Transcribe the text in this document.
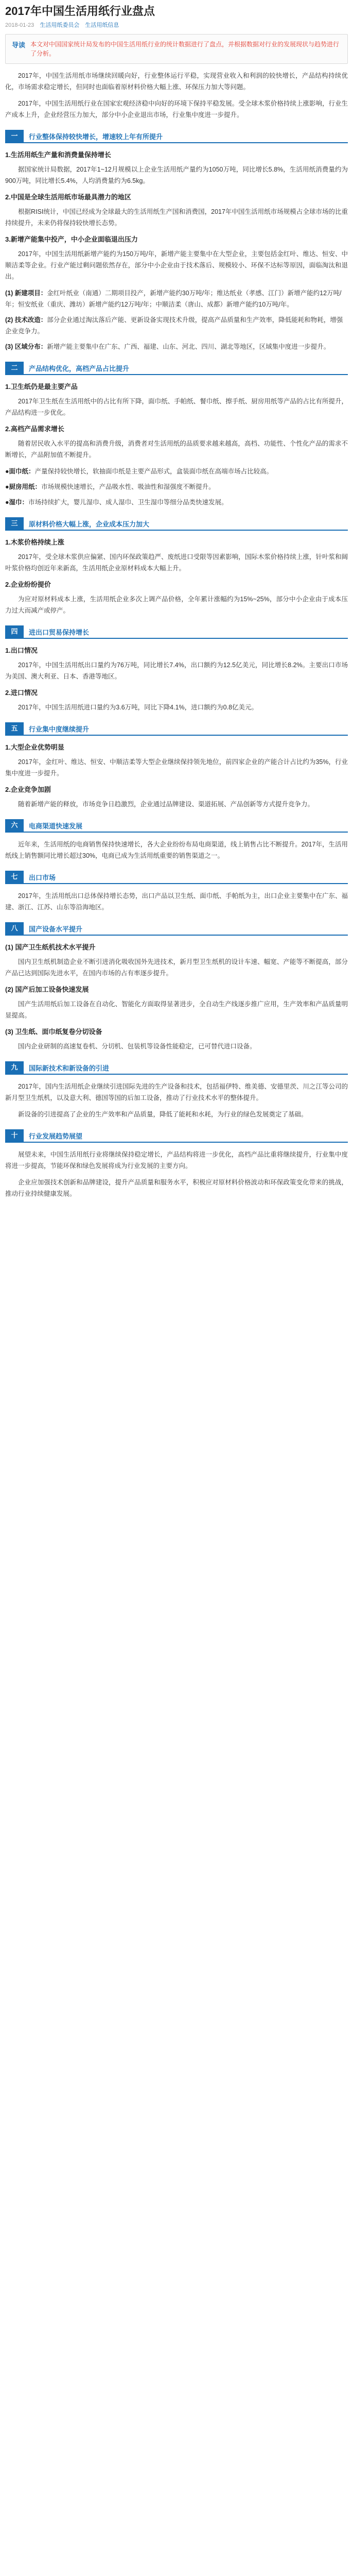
2017年中国生活用纸行业盘点
2018-01-23 生活用纸委员会 生活用纸信息
导读 本文对中国国家统计局发布的中国生活用纸行业的统计数据进行了盘点，并根据数据对行业的发展现状与趋势进行了分析。

2017年，中国生活用纸市场继续回暖向好，行业整体运行平稳，实现营业收入和利润的较快增长，产品结构持续优化，市场需求稳定增长，但同时也面临着原材料价格大幅上涨、环保压力加大等问题。

2017年，中国生活用纸行业在国家宏观经济稳中向好的环境下保持平稳发展。受全球木浆价格持续上涨影响，行业生产成本上升，企业经营压力加大，部分中小企业退出市场，行业集中度进一步提升。

一	行业整体保持较快增长，增速较上年有所提升
1.生活用纸生产量和消费量保持增长

据国家统计局数据，2017年1~12月规模以上企业生活用纸产量约为1050万吨，同比增长5.8%，生活用纸消费量约为900万吨，同比增长5.4%，人均消费量约为6.5kg。

2.中国是全球生活用纸市场最具潜力的地区

根据RISI统计，中国已经成为全球最大的生活用纸生产国和消费国，2017年中国生活用纸市场规模占全球市场的比重持续提升，未来仍将保持较快增长态势。

3.新增产能集中投产，中小企业面临退出压力

2017年，中国生活用纸新增产能约为150万吨/年，新增产能主要集中在大型企业，主要包括金红叶、维达、恒安、中顺洁柔等企业。行业产能过剩问题依然存在，部分中小企业由于技术落后、规模较小、环保不达标等原因，面临淘汰和退出。

(1) 新建项目：金红叶纸业（南通）二期项目投产，新增产能约30万吨/年；维达纸业（孝感、江门）新增产能约12万吨/年；恒安纸业（重庆、潍坊）新增产能约12万吨/年；中顺洁柔（唐山、成都）新增产能约10万吨/年。
(2) 技术改造：部分企业通过淘汰落后产能、更新设备实现技术升级，提高产品质量和生产效率，降低能耗和物耗，增强企业竞争力。
(3) 区域分布：新增产能主要集中在广东、广西、福建、山东、河北、四川、湖北等地区，区域集中度进一步提升。
二	产品结构优化，高档产品占比提升
1.卫生纸仍是最主要产品

2017年卫生纸在生活用纸中的占比有所下降，面巾纸、手帕纸、餐巾纸、擦手纸、厨房用纸等产品的占比有所提升，产品结构进一步优化。

2.高档产品需求增长

随着居民收入水平的提高和消费升级，消费者对生活用纸的品质要求越来越高，高档、功能性、个性化产品的需求不断增长，产品附加值不断提升。

●面巾纸：产量保持较快增长，软抽面巾纸是主要产品形式，盒装面巾纸在高端市场占比较高。
●厨房用纸：市场规模快速增长，产品吸水性、吸油性和湿强度不断提升。
●湿巾：市场持续扩大，婴儿湿巾、成人湿巾、卫生湿巾等细分品类快速发展。
三	原材料价格大幅上涨，企业成本压力加大
1.木浆价格持续上涨

2017年，受全球木浆供应偏紧、国内环保政策趋严、废纸进口受限等因素影响，国际木浆价格持续上涨，针叶浆和阔叶浆价格均创近年来新高，生活用纸企业原材料成本大幅上升。

2.企业纷纷提价

为应对原材料成本上涨，生活用纸企业多次上调产品价格，全年累计涨幅约为15%~25%，部分中小企业由于成本压力过大而减产或停产。

四	进出口贸易保持增长
1.出口情况

2017年，中国生活用纸出口量约为76万吨，同比增长7.4%，出口额约为12.5亿美元，同比增长8.2%。主要出口市场为美国、澳大利亚、日本、香港等地区。

2.进口情况

2017年，中国生活用纸进口量约为3.6万吨，同比下降4.1%，进口额约为0.8亿美元。

五	行业集中度继续提升
1.大型企业优势明显

2017年，金红叶、维达、恒安、中顺洁柔等大型企业继续保持领先地位，前四家企业的产能合计占比约为35%，行业集中度进一步提升。

2.企业竞争加剧

随着新增产能的释放，市场竞争日趋激烈，企业通过品牌建设、渠道拓展、产品创新等方式提升竞争力。

六	电商渠道快速发展

近年来，生活用纸的电商销售保持快速增长，各大企业纷纷布局电商渠道，线上销售占比不断提升。2017年，生活用纸线上销售额同比增长超过30%，电商已成为生活用纸重要的销售渠道之一。

七	出口市场

2017年，生活用纸出口总体保持增长态势，出口产品以卫生纸、面巾纸、手帕纸为主，出口企业主要集中在广东、福建、浙江、江苏、山东等沿海地区。

八	国产设备水平提升
(1) 国产卫生纸机技术水平提升

国内卫生纸机制造企业不断引进消化吸收国外先进技术，新月型卫生纸机的设计车速、幅宽、产能等不断提高，部分产品已达到国际先进水平，在国内市场的占有率逐步提升。

(2) 国产后加工设备快速发展

国产生活用纸后加工设备在自动化、智能化方面取得显著进步，全自动生产线逐步推广应用，生产效率和产品质量明显提高。

(3) 卫生纸、面巾纸复卷分切设备

国内企业研制的高速复卷机、分切机、包装机等设备性能稳定，已可替代进口设备。

九	国际新技术和新设备的引进

2017年，国内生活用纸企业继续引进国际先进的生产设备和技术，包括福伊特、维美德、安德里茨、川之江等公司的新月型卫生纸机，以及意大利、德国等国的后加工设备，推动了行业技术水平的整体提升。

新设备的引进提高了企业的生产效率和产品质量，降低了能耗和水耗，为行业的绿色发展奠定了基础。

十	行业发展趋势展望

展望未来，中国生活用纸行业将继续保持稳定增长，产品结构将进一步优化，高档产品比重将继续提升，行业集中度将进一步提高，节能环保和绿色发展将成为行业发展的主要方向。

企业应加强技术创新和品牌建设，提升产品质量和服务水平，积极应对原材料价格波动和环保政策变化带来的挑战，推动行业持续健康发展。
